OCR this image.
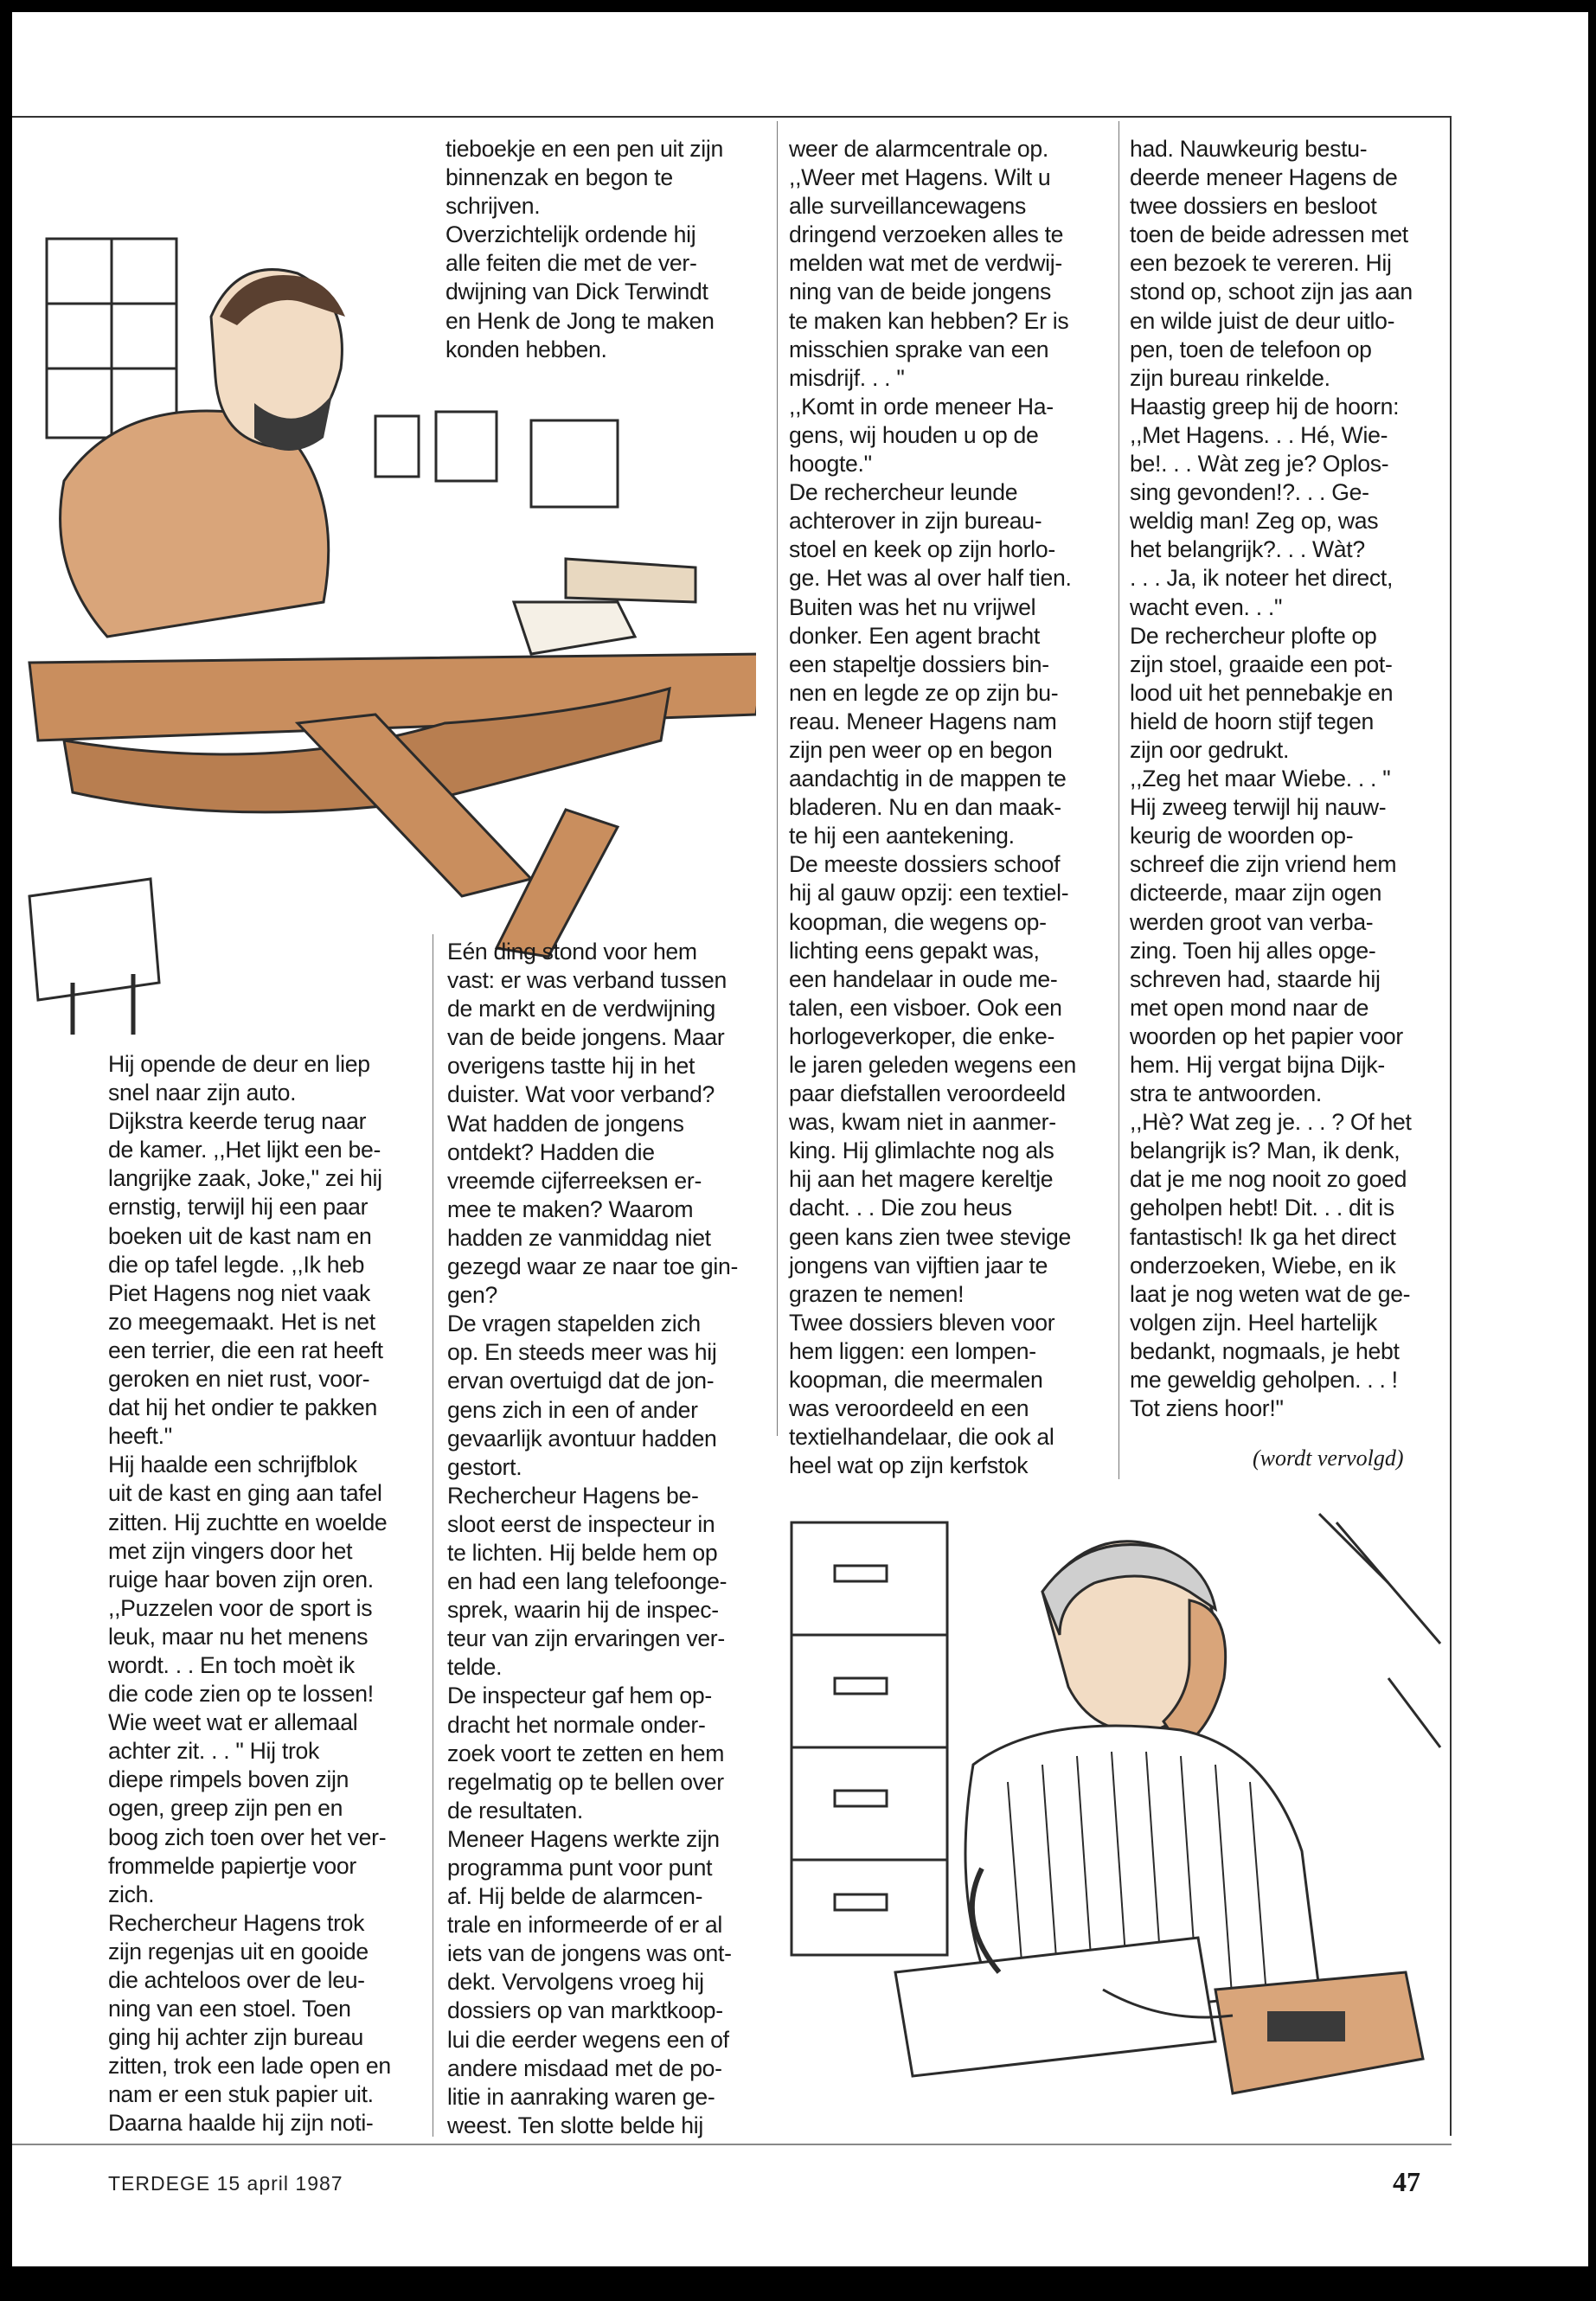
Hij opende de deur en liep
snel naar zijn auto.
Dijkstra keerde terug naar
de kamer. ,,Het lijkt een be-
langrijke zaak, Joke," zei hij
ernstig, terwijl hij een paar
boeken uit de kast nam en
die op tafel legde. ,,Ik heb
Piet Hagens nog niet vaak
zo meegemaakt. Het is net
een terrier, die een rat heeft
geroken en niet rust, voor-
dat hij het ondier te pakken
heeft."
Hij haalde een schrijfblok
uit de kast en ging aan tafel
zitten. Hij zuchtte en woelde
met zijn vingers door het
ruige haar boven zijn oren.
,,Puzzelen voor de sport is
leuk, maar nu het menens
wordt. . . En toch moèt ik
die code zien op te lossen!
Wie weet wat er allemaal
achter zit. . . " Hij trok
diepe rimpels boven zijn
ogen, greep zijn pen en
boog zich toen over het ver-
frommelde papiertje voor
zich.
Rechercheur Hagens trok
zijn regenjas uit en gooide
die achteloos over de leu-
ning van een stoel. Toen
ging hij achter zijn bureau
zitten, trok een lade open en
nam er een stuk papier uit.
Daarna haalde hij zijn noti-

tieboekje en een pen uit zijn
binnenzak en begon te
schrijven.
Overzichtelijk ordende hij
alle feiten die met de ver-
dwijning van Dick Terwindt
en Henk de Jong te maken
konden hebben.

Eén ding stond voor hem
vast: er was verband tussen
de markt en de verdwijning
van de beide jongens. Maar
overigens tastte hij in het
duister. Wat voor verband?
Wat hadden de jongens
ontdekt? Hadden die
vreemde cijferreeksen er-
mee te maken? Waarom
hadden ze vanmiddag niet
gezegd waar ze naar toe gin-
gen?
De vragen stapelden zich
op. En steeds meer was hij
ervan overtuigd dat de jon-
gens zich in een of ander
gevaarlijk avontuur hadden
gestort.
Rechercheur Hagens be-
sloot eerst de inspecteur in
te lichten. Hij belde hem op
en had een lang telefoonge-
sprek, waarin hij de inspec-
teur van zijn ervaringen ver-
telde.
De inspecteur gaf hem op-
dracht het normale onder-
zoek voort te zetten en hem
regelmatig op te bellen over
de resultaten.
Meneer Hagens werkte zijn
programma punt voor punt
af. Hij belde de alarmcen-
trale en informeerde of er al
iets van de jongens was ont-
dekt. Vervolgens vroeg hij
dossiers op van marktkoop-
lui die eerder wegens een of
andere misdaad met de po-
litie in aanraking waren ge-
weest. Ten slotte belde hij

weer de alarmcentrale op.
,,Weer met Hagens. Wilt u
alle surveillancewagens
dringend verzoeken alles te
melden wat met de verdwij-
ning van de beide jongens
te maken kan hebben? Er is
misschien sprake van een
misdrijf. . . "
,,Komt in orde meneer Ha-
gens, wij houden u op de
hoogte."
De rechercheur leunde
achterover in zijn bureau-
stoel en keek op zijn horlo-
ge. Het was al over half tien.
Buiten was het nu vrijwel
donker. Een agent bracht
een stapeltje dossiers bin-
nen en legde ze op zijn bu-
reau. Meneer Hagens nam
zijn pen weer op en begon
aandachtig in de mappen te
bladeren. Nu en dan maak-
te hij een aantekening.
De meeste dossiers schoof
hij al gauw opzij: een textiel-
koopman, die wegens op-
lichting eens gepakt was,
een handelaar in oude me-
talen, een visboer. Ook een
horlogeverkoper, die enke-
le jaren geleden wegens een
paar diefstallen veroordeeld
was, kwam niet in aanmer-
king. Hij glimlachte nog als
hij aan het magere kereltje
dacht. . . Die zou heus
geen kans zien twee stevige
jongens van vijftien jaar te
grazen te nemen!
Twee dossiers bleven voor
hem liggen: een lompen-
koopman, die meermalen
was veroordeeld en een
textielhandelaar, die ook al
heel wat op zijn kerfstok

had. Nauwkeurig bestu-
deerde meneer Hagens de
twee dossiers en besloot
toen de beide adressen met
een bezoek te vereren. Hij
stond op, schoot zijn jas aan
en wilde juist de deur uitlo-
pen, toen de telefoon op
zijn bureau rinkelde.
Haastig greep hij de hoorn:
,,Met Hagens. . . Hé, Wie-
be!. . . Wàt zeg je? Oplos-
sing gevonden!?. . . Ge-
weldig man! Zeg op, was
het belangrijk?. . . Wàt?
. . . Ja, ik noteer het direct,
wacht even. . ."
De rechercheur plofte op
zijn stoel, graaide een pot-
lood uit het pennebakje en
hield de hoorn stijf tegen
zijn oor gedrukt.
,,Zeg het maar Wiebe. . . "
Hij zweeg terwijl hij nauw-
keurig de woorden op-
schreef die zijn vriend hem
dicteerde, maar zijn ogen
werden groot van verba-
zing. Toen hij alles opge-
schreven had, staarde hij
met open mond naar de
woorden op het papier voor
hem. Hij vergat bijna Dijk-
stra te antwoorden.
,,Hè? Wat zeg je. . . ? Of het
belangrijk is? Man, ik denk,
dat je me nog nooit zo goed
geholpen hebt! Dit. . . dit is
fantastisch! Ik ga het direct
onderzoeken, Wiebe, en ik
laat je nog weten wat de ge-
volgen zijn. Heel hartelijk
bedankt, nogmaals, je hebt
me geweldig geholpen. . . !
Tot ziens hoor!"

(wordt vervolgd)
TERDEGE 15 april 1987	47
